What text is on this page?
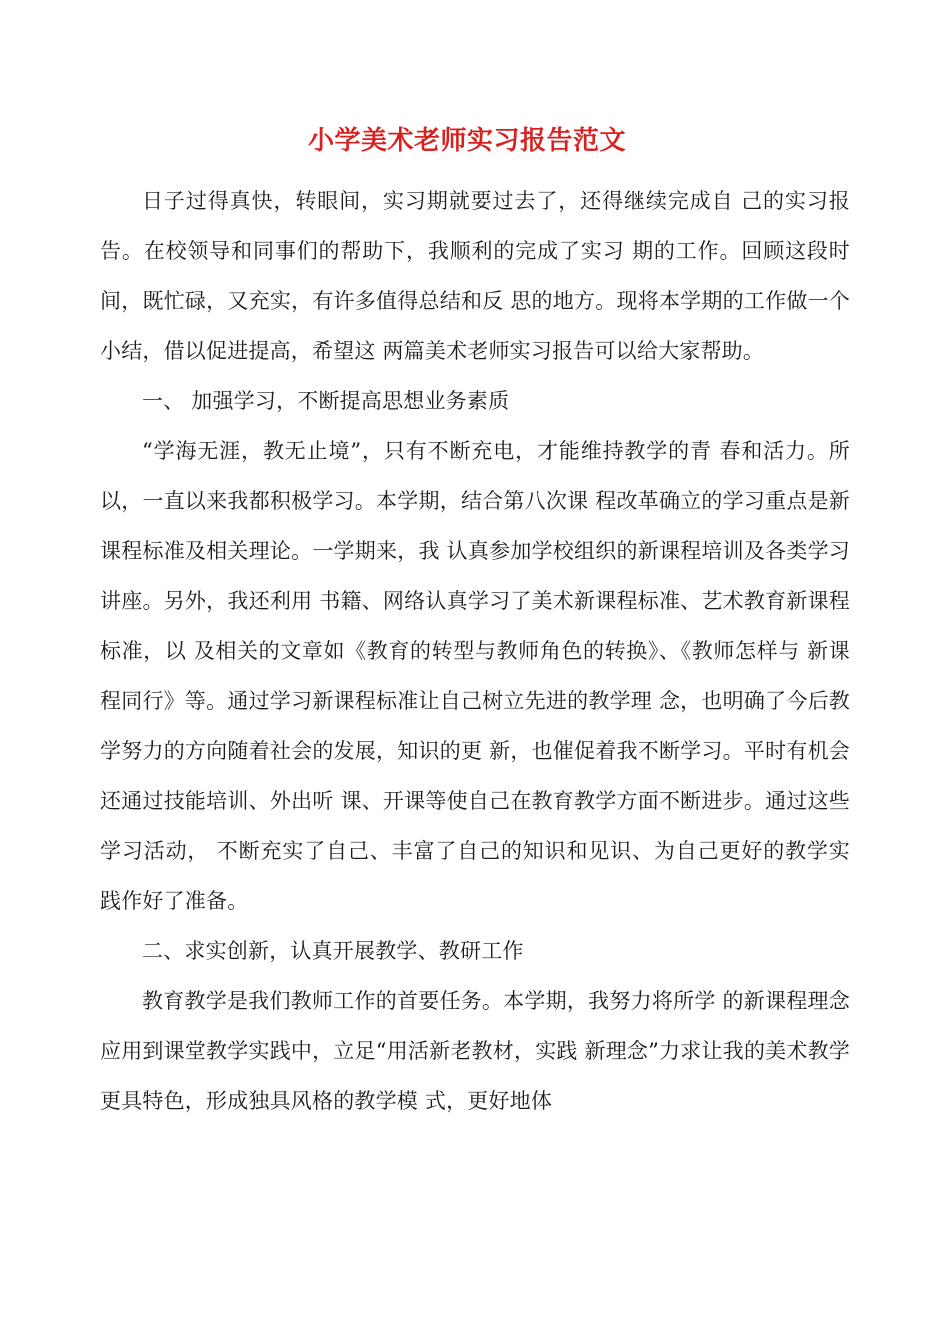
小学美术老师实习报告范文

日子过得真快，转眼间，实习期就要过去了，还得继续完成自 己的实习报告。在校领导和同事们的帮助下，我顺利的完成了实习 期的工作。回顾这段时间，既忙碌，又充实，有许多值得总结和反 思的地方。现将本学期的工作做一个小结，借以促进提高，希望这 两篇美术老师实习报告可以给大家帮助。

一、 加强学习，不断提高思想业务素质

“学海无涯，教无止境”，只有不断充电，才能维持教学的青 春和活力。所以，一直以来我都积极学习。本学期，结合第八次课 程改革确立的学习重点是新课程标准及相关理论。一学期来，我 认真参加学校组织的新课程培训及各类学习讲座。另外，我还利用 书籍、网络认真学习了美术新课程标准、艺术教育新课程标准，以 及相关的文章如《教育的转型与教师角色的转换》、《教师怎样与 新课程同行》等。通过学习新课程标准让自己树立先进的教学理 念，也明确了今后教学努力的方向随着社会的发展，知识的更 新，也催促着我不断学习。平时有机会还通过技能培训、外出听 课、开课等使自己在教育教学方面不断进步。通过这些学习活动， 不断充实了自己、丰富了自己的知识和见识、为自己更好的教学实 践作好了准备。

二、求实创新，认真开展教学、教研工作

教育教学是我们教师工作的首要任务。本学期，我努力将所学 的新课程理念应用到课堂教学实践中，立足“用活新老教材，实践 新理念”力求让我的美术教学更具特色，形成独具风格的教学模 式，更好地体
